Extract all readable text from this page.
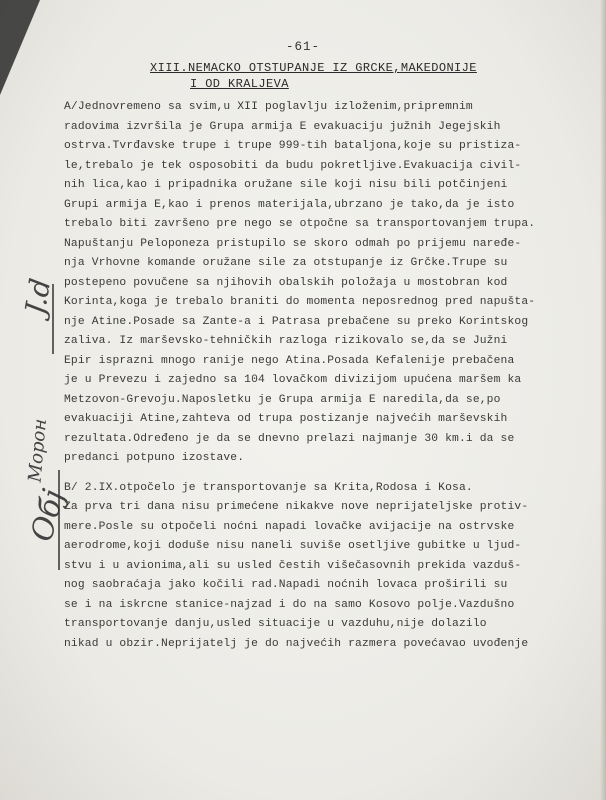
-61-
XIII.NEMACKO OTSTUPANJE IZ GRCKE,MAKEDONIJE
I OD KRALJEVA
J.d
Морон
Обј
A/Jednovremeno sa svim,u XII poglavlju izloženim,pripremnim
radovima izvršila je Grupa armija E evakuaciju južnih Jegejskih
ostrva.Tvrđavske trupe i trupe 999-tih bataljona,koje su pristiza-
le,trebalo je tek osposobiti da budu pokretljive.Evakuacija civil-
nih lica,kao i pripadnika oružane sile koji nisu bili potčinjeni
Grupi armija E,kao i prenos materijala,ubrzano je tako,da je isto
trebalo biti završeno pre nego se otpočne sa transportovanjem trupa.
Napuštanju Peloponeza pristupilo se skoro odmah po prijemu naređe-
nja Vrhovne komande oružane sile za otstupanje iz Grčke.Trupe su
postepeno povučene sa njihovih obalskih položaja u mostobran kod
Korinta,koga je trebalo braniti do momenta neposrednog pred napušta-
nje Atine.Posade sa Zante-a i Patrasa prebačene su preko Korintskog
zaliva. Iz marševsko-tehničkih razloga rizikovalo se,da se Južni
Epir isprazni mnogo ranije nego Atina.Posada Kefalenije prebačena
je u Prevezu i zajedno sa 104 lovačkom divizijom upućena maršem ka
Metzovon-Grevoju.Naposletku je Grupa armija E naredila,da se,po
evakuaciji Atine,zahteva od trupa postizanje najvećih marševskih
rezultata.Određeno je da se dnevno prelazi najmanje 30 km.i da se
predanci potpuno izostave.
B/ 2.IX.otpočelo je transportovanje sa Krita,Rodosa i Kosa.
Za prva tri dana nisu primećene nikakve nove neprijateljske protiv-
mere.Posle su otpočeli noćni napadi lovačke avijacije na ostrvske
aerodrome,koji doduše nisu naneli suviše osetljive gubitke u ljud-
stvu i u avionima,ali su usled čestih višečasovnih prekida vazduš-
nog saobraćaja jako kočili rad.Napadi noćnih lovaca proširili su
se i na iskrcne stanice-najzad i do na samo Kosovo polje.Vazdušno
transportovanje danju,usled situacije u vazduhu,nije dolazilo
nikad u obzir.Neprijatelj je do najvećih razmera povećavao uvođenje
